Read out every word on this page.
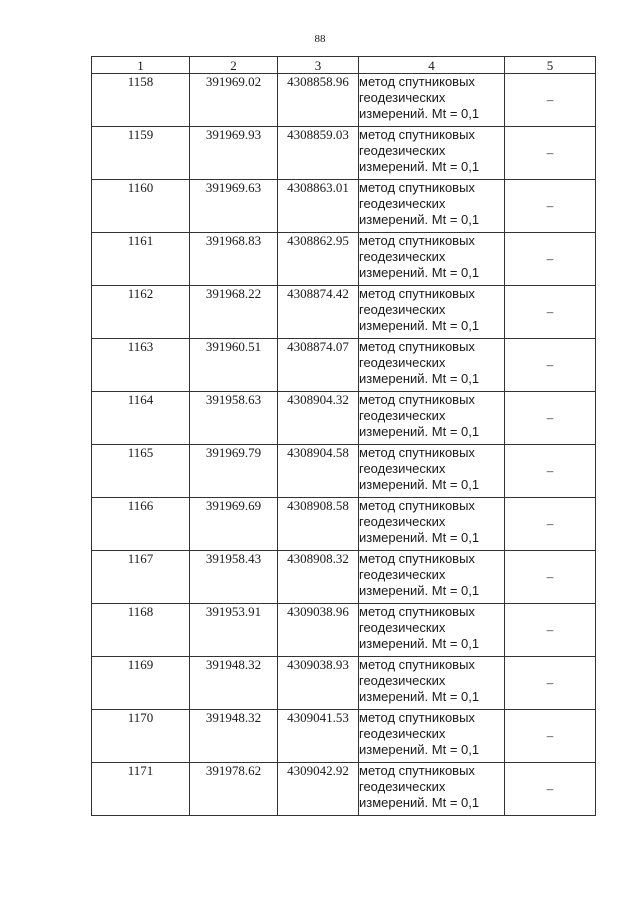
88
1	2	3	4	5
1158	391969.02	4308858.96	метод спутниковых
геодезических
измерений. Mt = 0,1	–
1159	391969.93	4308859.03	метод спутниковых
геодезических
измерений. Mt = 0,1	–
1160	391969.63	4308863.01	метод спутниковых
геодезических
измерений. Mt = 0,1	–
1161	391968.83	4308862.95	метод спутниковых
геодезических
измерений. Mt = 0,1	–
1162	391968.22	4308874.42	метод спутниковых
геодезических
измерений. Mt = 0,1	–
1163	391960.51	4308874.07	метод спутниковых
геодезических
измерений. Mt = 0,1	–
1164	391958.63	4308904.32	метод спутниковых
геодезических
измерений. Mt = 0,1	–
1165	391969.79	4308904.58	метод спутниковых
геодезических
измерений. Mt = 0,1	–
1166	391969.69	4308908.58	метод спутниковых
геодезических
измерений. Mt = 0,1	–
1167	391958.43	4308908.32	метод спутниковых
геодезических
измерений. Mt = 0,1	–
1168	391953.91	4309038.96	метод спутниковых
геодезических
измерений. Mt = 0,1	–
1169	391948.32	4309038.93	метод спутниковых
геодезических
измерений. Mt = 0,1	–
1170	391948.32	4309041.53	метод спутниковых
геодезических
измерений. Mt = 0,1	–
1171	391978.62	4309042.92	метод спутниковых
геодезических
измерений. Mt = 0,1	–
